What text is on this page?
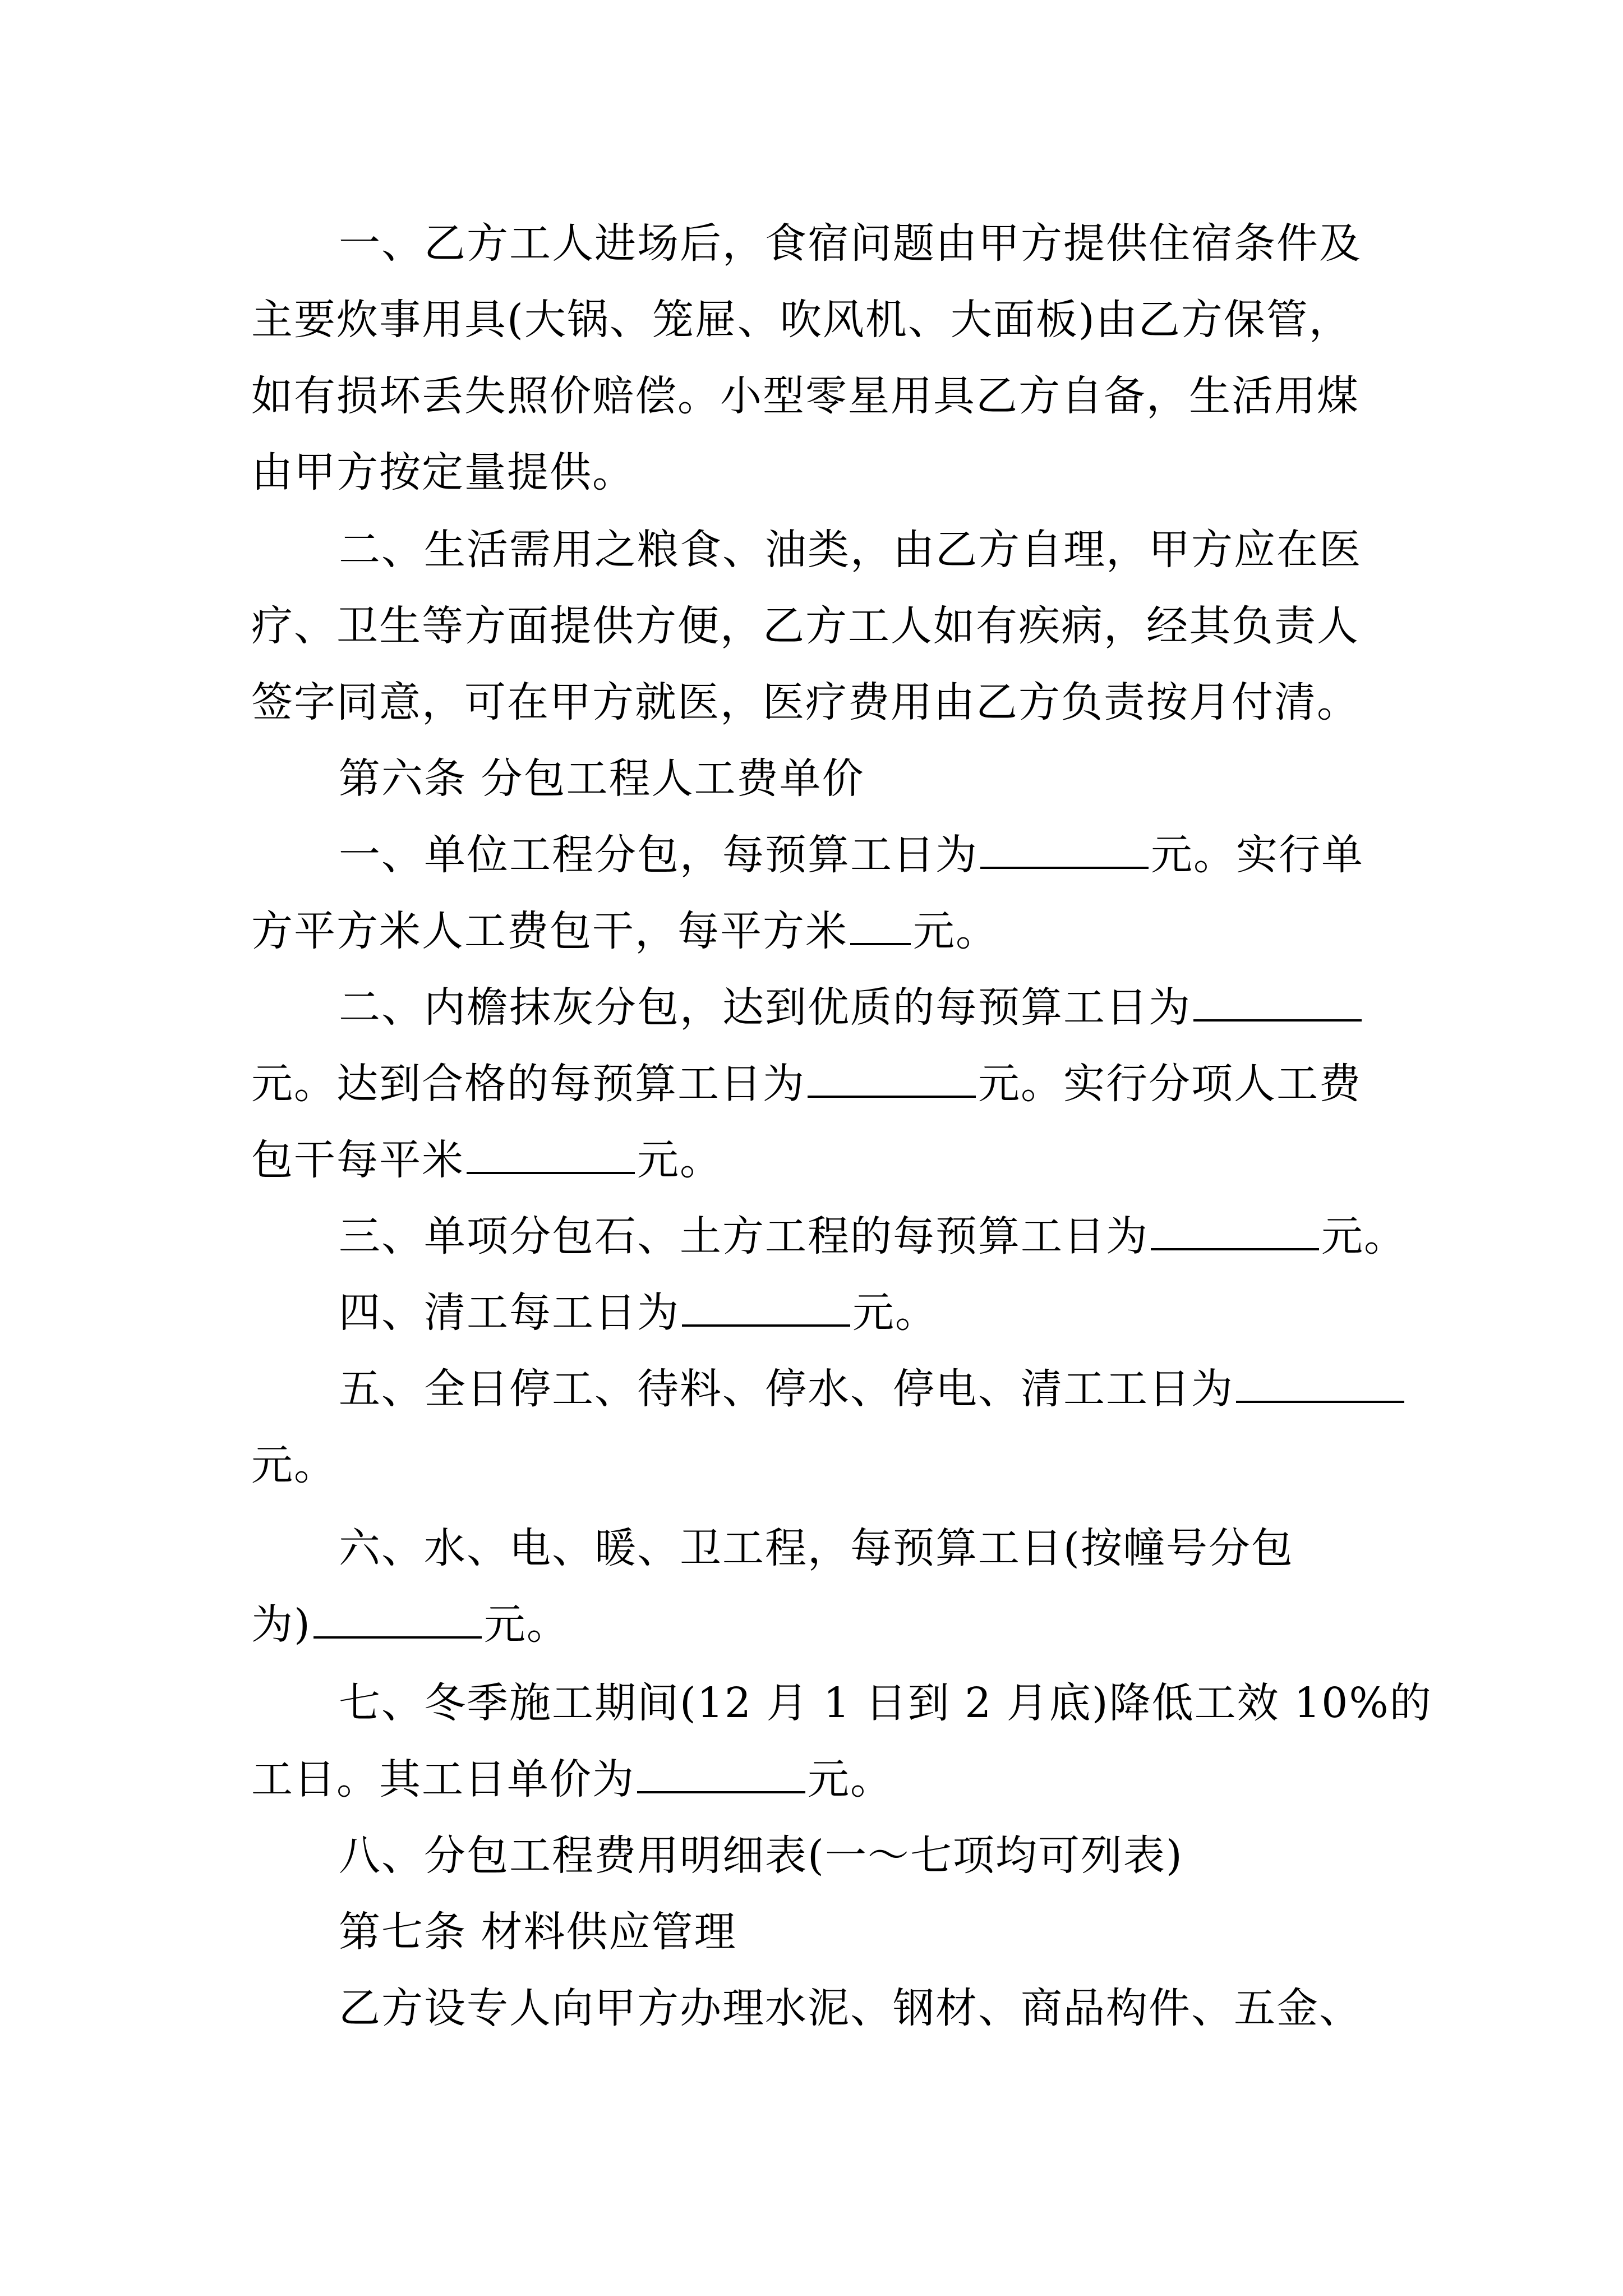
一、乙方工人进场后，食宿问题由甲方提供住宿条件及
主要炊事用具(大锅、笼屉、吹风机、大面板)由乙方保管，
如有损坏丢失照价赔偿。小型零星用具乙方自备，生活用煤
由甲方按定量提供。
二、生活需用之粮食、油类，由乙方自理，甲方应在医
疗、卫生等方面提供方便，乙方工人如有疾病，经其负责人
签字同意，可在甲方就医，医疗费用由乙方负责按月付清。
第六条 分包工程人工费单价
一、单位工程分包，每预算工日为	元。实行单
方平方米人工费包干，每平方米 元。
二、内檐抹灰分包，达到优质的每预算工日为
元。达到合格的每预算工日为	元。实行分项人工费
包干每平米	元。
三、单项分包石、土方工程的每预算工日为	元。
四、清工每工日为	元。
五、全日停工、待料、停水、停电、清工工日为
元。
六、水、电、暖、卫工程，每预算工日(按幢号分包
为)	元。
七、冬季施工期间(12 月 1 日到 2 月底)降低工效 10%的
工日。其工日单价为	元。
八、分包工程费用明细表(一～七项均可列表)
第七条 材料供应管理
乙方设专人向甲方办理水泥、钢材、商品构件、五金、
